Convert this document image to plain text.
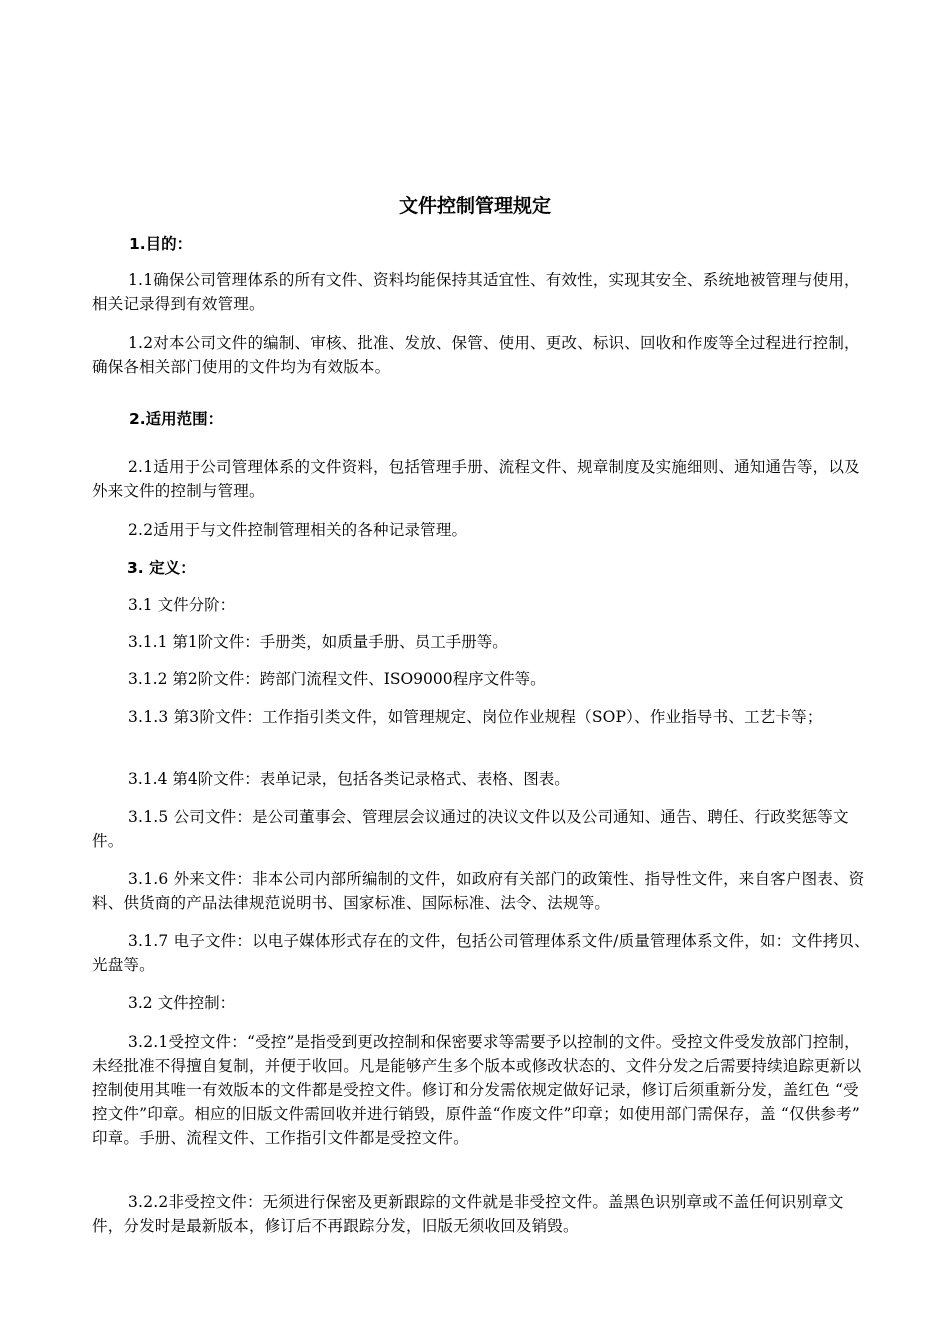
文件控制管理规定

1.目的：

1.1确保公司管理体系的所有文件、资料均能保持其适宜性、有效性，实现其安全、系统地被管理与使用，相关记录得到有效管理。

1.2对本公司文件的编制、审核、批准、发放、保管、使用、更改、标识、回收和作废等全过程进行控制，确保各相关部门使用的文件均为有效版本。

2.适用范围：

2.1适用于公司管理体系的文件资料，包括管理手册、流程文件、规章制度及实施细则、通知通告等，以及外来文件的控制与管理。

2.2适用于与文件控制管理相关的各种记录管理。

3. 定义：

3.1 文件分阶：

3.1.1 第1阶文件：手册类，如质量手册、员工手册等。

3.1.2 第2阶文件：跨部门流程文件、ISO9000程序文件等。

3.1.3 第3阶文件：工作指引类文件，如管理规定、岗位作业规程（SOP）、作业指导书、工艺卡等；

3.1.4 第4阶文件：表单记录，包括各类记录格式、表格、图表。

3.1.5 公司文件：是公司董事会、管理层会议通过的决议文件以及公司通知、通告、聘任、行政奖惩等文件。

3.1.6 外来文件：非本公司内部所编制的文件，如政府有关部门的政策性、指导性文件，来自客户图表、资料、供货商的产品法律规范说明书、国家标准、国际标准、法令、法规等。

3.1.7 电子文件：以电子媒体形式存在的文件，包括公司管理体系文件/质量管理体系文件，如：文件拷贝、光盘等。

3.2 文件控制：

3.2.1受控文件：“受控”是指受到更改控制和保密要求等需要予以控制的文件。受控文件受发放部门控制，未经批准不得擅自复制，并便于收回。凡是能够产生多个版本或修改状态的、文件分发之后需要持续追踪更新以控制使用其唯一有效版本的文件都是受控文件。修订和分发需依规定做好记录，修订后须重新分发，盖红色 “受控文件”印章。相应的旧版文件需回收并进行销毁，原件盖“作废文件”印章；如使用部门需保存，盖 “仅供参考” 印章。手册、流程文件、工作指引文件都是受控文件。

3.2.2非受控文件：无须进行保密及更新跟踪的文件就是非受控文件。盖黑色识别章或不盖任何识别章文件，分发时是最新版本，修订后不再跟踪分发，旧版无须收回及销毁。
